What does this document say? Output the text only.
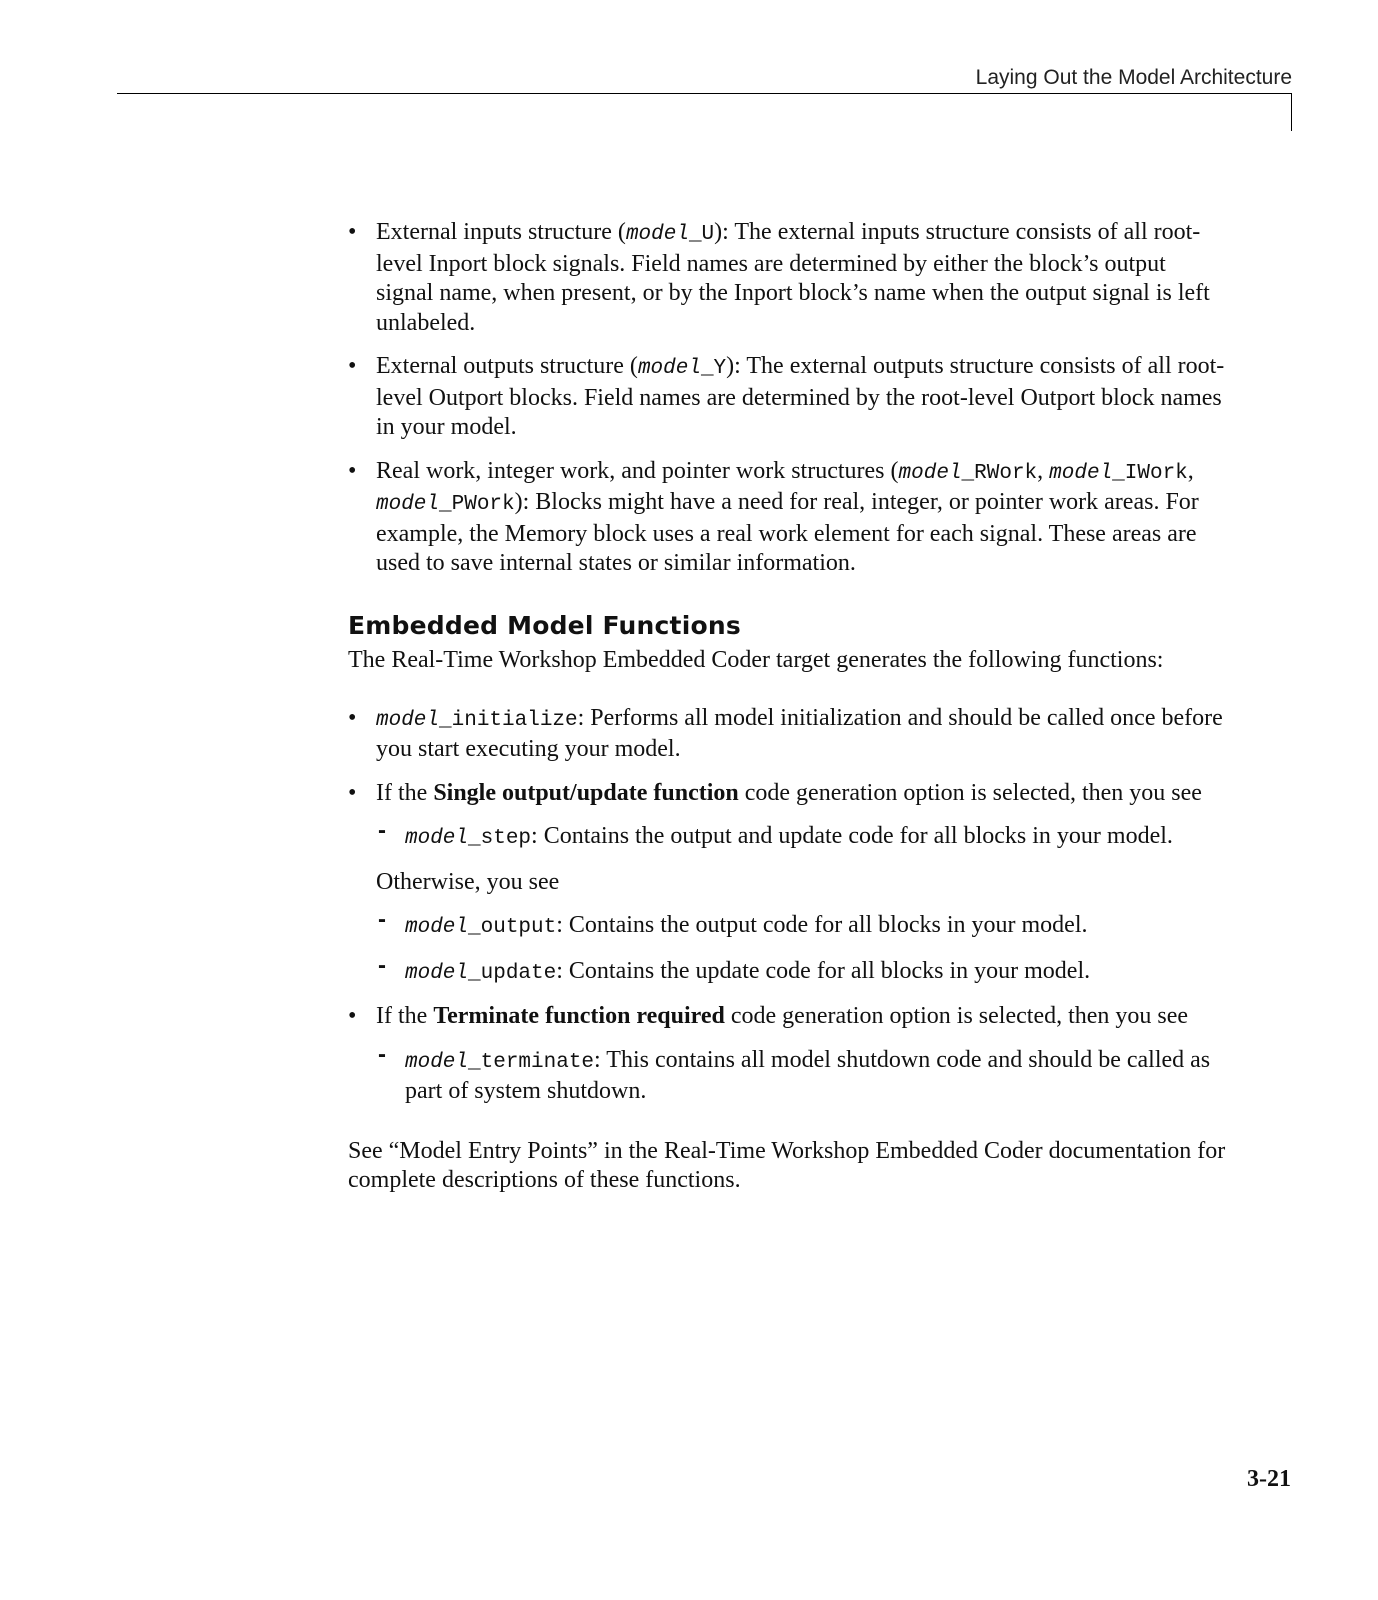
Laying Out the Model Architecture
• External inputs structure (model_U): The external inputs structure consists of all root-level Inport block signals. Field names are determined by either the block’s output signal name, when present, or by the Inport block’s name when the output signal is left unlabeled.
• External outputs structure (model_Y): The external outputs structure consists of all root-level Outport blocks. Field names are determined by the root-level Outport block names in your model.
• Real work, integer work, and pointer work structures (model_RWork, model_IWork, model_PWork): Blocks might have a need for real, integer, or pointer work areas. For example, the Memory block uses a real work element for each signal. These areas are used to save internal states or similar information.
Embedded Model Functions

The Real-Time Workshop Embedded Coder target generates the following functions:

• model_initialize: Performs all model initialization and should be called once before you start executing your model.
• If the Single output/update function code generation option is selected, then you see
- model_step: Contains the output and update code for all blocks in your model.

Otherwise, you see

- model_output: Contains the output code for all blocks in your model.
- model_update: Contains the update code for all blocks in your model.
• If the Terminate function required code generation option is selected, then you see
- model_terminate: This contains all model shutdown code and should be called as part of system shutdown.

See “Model Entry Points” in the Real-Time Workshop Embedded Coder documentation for complete descriptions of these functions.

3-21
